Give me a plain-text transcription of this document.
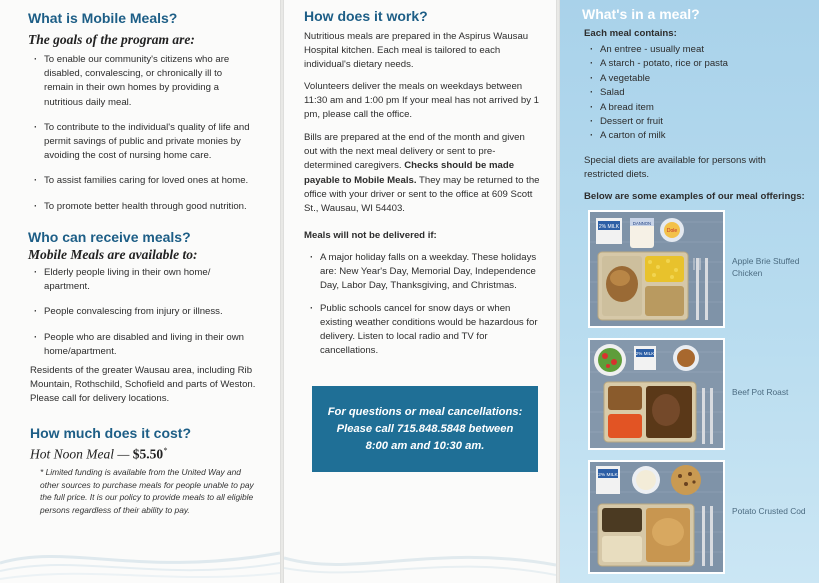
What is Mobile Meals?
The goals of the program are:
· To enable our community's citizens who are disabled, convalescing, or chronically ill to remain in their own homes by providing a nutritious daily meal.
· To contribute to the individual's quality of life and permit savings of public and private monies by avoiding the cost of nursing home care.
· To assist families caring for loved ones at home.
· To promote better health through good nutrition.
Who can receive meals?
Mobile Meals are available to:
· Elderly people living in their own home/ apartment.
· People convalescing from injury or illness.
· People who are disabled and living in their own home/apartment.

Residents of the greater Wausau area, including Rib Mountain, Rothschild, Schofield and parts of Weston. Please call for delivery locations.

How much does it cost?
Hot Noon Meal — $5.50*

* Limited funding is available from the United Way and other sources to purchase meals for people unable to pay the full price. It is our policy to provide meals to all eligible persons regardless of their ability to pay.

How does it work?

Nutritious meals are prepared in the Aspirus Wausau Hospital kitchen. Each meal is tailored to each individual's dietary needs.

Volunteers deliver the meals on weekdays between 11:30 am and 1:00 pm If your meal has not arrived by 1 pm, please call the office.

Bills are prepared at the end of the month and given out with the next meal delivery or sent to pre-determined caregivers. Checks should be made payable to Mobile Meals. They may be returned to the office with your driver or sent to the office at 609 Scott St., Wausau, WI 54403.

Meals will not be delivered if:
· A major holiday falls on a weekday. These holidays are: New Year's Day, Memorial Day, Independence Day, Labor Day, Thanksgiving, and Christmas.
· Public schools cancel for snow days or when existing weather conditions would be hazardous for delivery. Listen to local radio and TV for cancellations.
For questions or meal cancellations:
Please call 715.848.5848 between
8:00 am and 10:30 am.
What's in a meal?
Each meal contains:
· An entree - usually meat
· A starch - potato, rice or pasta
· A vegetable
· Salad
· A bread item
· Dessert or fruit
· A carton of milk

Special diets are available for persons with restricted diets.

Below are some examples of our meal offerings:
2% MILK
DANNON
Dole
Apple Brie Stuffed Chicken
2% MILK
Beef Pot Roast
2% MILK
Potato Crusted Cod
